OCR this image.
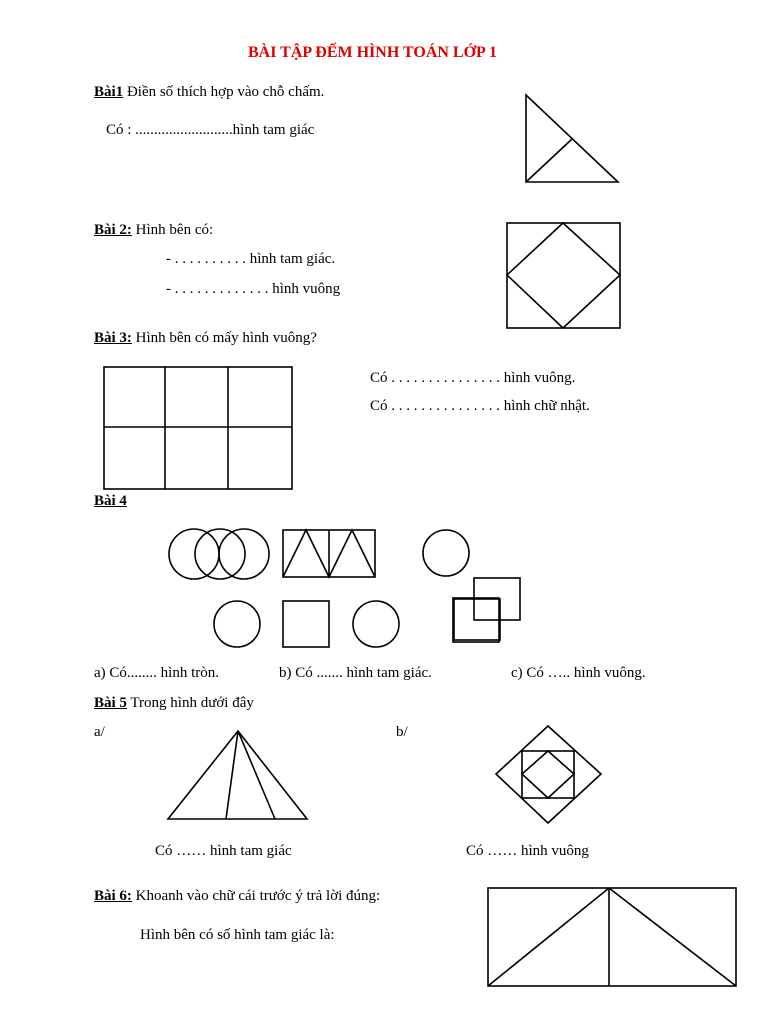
BÀI TẬP ĐẾM HÌNH TOÁN LỚP 1
Bài1 Điền số thích hợp vào chỗ chấm.
Có : ..........................hình tam giác
Bài 2: Hình bên có:
- . . . . . . . . . . hình tam giác.
- . . . . . . . . . . . . . hình vuông
Bài 3: Hình bên có mấy hình vuông?
Có . . . . . . . . . . . . . . . hình vuông.
Có . . . . . . . . . . . . . . . hình chữ nhật.
Bài 4
a) Có........ hình tròn.	b) Có ....... hình tam giác.	c) Có ….. hình vuông.
Bài 5 Trong hình dưới đây
a/	b/
Có …… hình tam giác	Có …… hình vuông
Bài 6: Khoanh vào chữ cái trước ý trả lời đúng:
Hình bên có số hình tam giác là:
